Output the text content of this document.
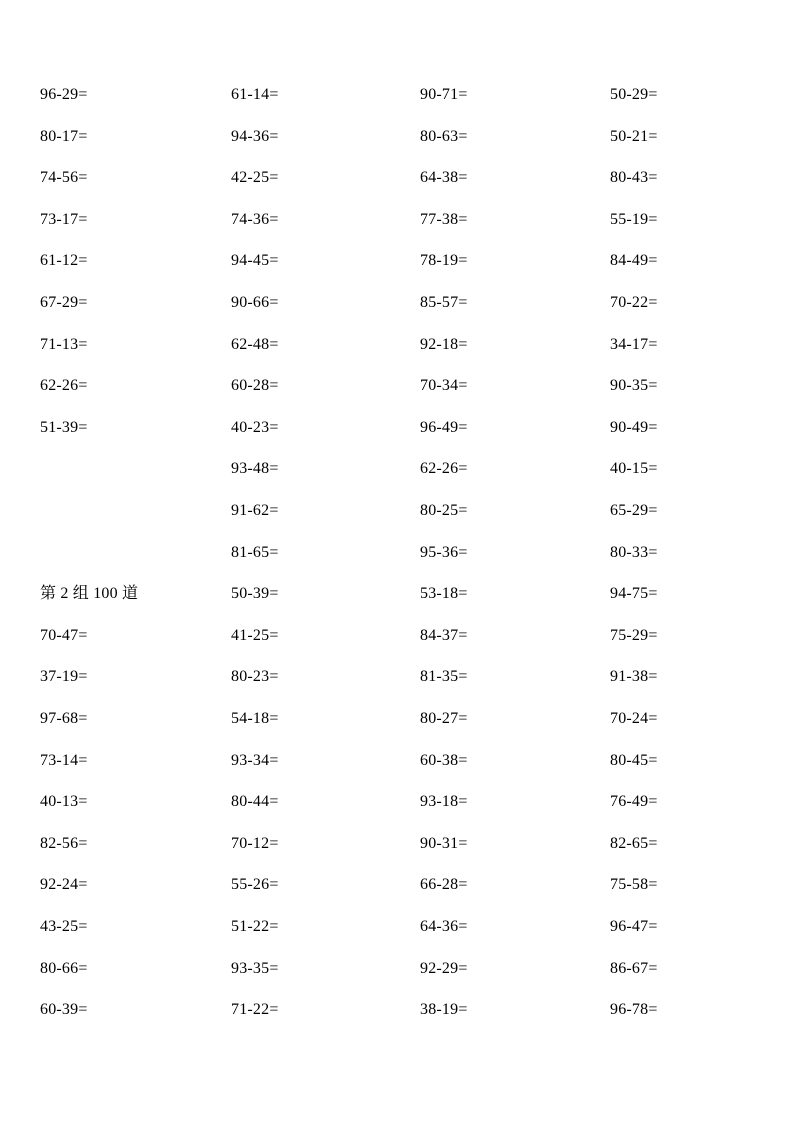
96-29=
80-17=
74-56=
73-17=
61-12=
67-29=
71-13=
62-26=
51-39=
第 2 组 100 道
70-47=
37-19=
97-68=
73-14=
40-13=
82-56=
92-24=
43-25=
80-66=
60-39=
61-14=
94-36=
42-25=
74-36=
94-45=
90-66=
62-48=
60-28=
40-23=
93-48=
91-62=
81-65=
50-39=
41-25=
80-23=
54-18=
93-34=
80-44=
70-12=
55-26=
51-22=
93-35=
71-22=
90-71=
80-63=
64-38=
77-38=
78-19=
85-57=
92-18=
70-34=
96-49=
62-26=
80-25=
95-36=
53-18=
84-37=
81-35=
80-27=
60-38=
93-18=
90-31=
66-28=
64-36=
92-29=
38-19=
50-29=
50-21=
80-43=
55-19=
84-49=
70-22=
34-17=
90-35=
90-49=
40-15=
65-29=
80-33=
94-75=
75-29=
91-38=
70-24=
80-45=
76-49=
82-65=
75-58=
96-47=
86-67=
96-78=
